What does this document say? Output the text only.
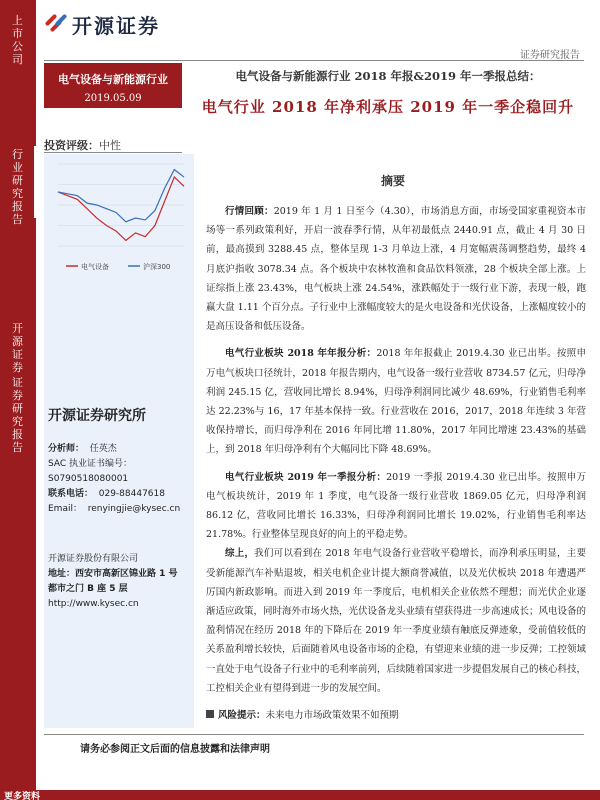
上
市
公
司
行
业
研
究
报
告
开
源
证
券
证
券
研
究
报
告
开源证券
证券研究报告
电气设备与新能源行业
2019.05.09
电气设备与新能源行业 2018 年报&2019 年一季报总结：
电气行业 2018 年净利承压 2019 年一季企稳回升
投资评级：中性
电气设备	沪深300
开源证券研究所
分析师： 任英杰
SAC 执业证书编号：
S0790518080001
联系电话： 029-88447618
Email： renyingjie@kysec.cn
开源证券股份有限公司
地址：西安市高新区锦业路 1 号
都市之门 B 座 5 层
http://www.kysec.cn
摘要

行情回顾：2019 年 1 月 1 日至今（4.30），市场消息方面，市场受国家重视资本市场等一系列政策利好，开启一波春季行情，从年初最低点 2440.91 点，截止 4 月 30 日前，最高摸到 3288.45 点，整体呈现 1-3 月单边上涨，4 月宽幅震荡调整趋势，最终 4 月底沪指收 3078.34 点。各个板块中农林牧渔和食品饮料领涨，28 个板块全部上涨。上证综指上涨 23.43%，电气板块上涨 24.54%，涨跌幅处于一级行业下游，表现一般，跑赢大盘 1.11 个百分点。子行业中上涨幅度较大的是火电设备和光伏设备，上涨幅度较小的是高压设备和低压设备。

电气行业板块 2018 年年报分析：2018 年年报截止 2019.4.30 业已出毕。按照申万电气板块口径统计，2018 年报告期内，电气设备一级行业营收 8734.57 亿元，归母净利润 245.15 亿，营收同比增长 8.94%，归母净利润同比减少 48.69%，行业销售毛利率达 22.23%与 16，17 年基本保持一致。行业营收在 2016，2017，2018 年连续 3 年营收保持增长，而归母净利在 2016 年同比增 11.80%，2017 年同比增速 23.43%的基础上，到 2018 年归母净利有个大幅同比下降 48.69%。

电气行业板块 2019 年一季报分析：2019 一季报 2019.4.30 业已出毕。按照申万电气板块统计，2019 年 1 季度，电气设备一级行业营收 1869.05 亿元，归母净利润 86.12 亿，营收同比增长 16.33%，归母净利润同比增长 19.02%，行业销售毛利率达 21.78%。行业整体呈现良好的向上的平稳走势。

综上，我们可以看到在 2018 年电气设备行业营收平稳增长，而净利承压明显，主要受新能源汽车补贴退坡，相关电机企业计提大额商誉减值，以及光伏板块 2018 年遭遇严厉国内新政影响。而进入到 2019 年一季度后，电机相关企业依然不理想；而光伏企业逐渐适应政策，同时海外市场火热，光伏设备龙头业绩有望获得进一步高速成长；风电设备的盈利情况在经历 2018 年的下降后在 2019 年一季度业绩有触底反弹迹象，受前值较低的关系盈利增长较快，后面随着风电设备市场的企稳，有望迎来业绩的进一步反弹；工控领域一直处于电气设备子行业中的毛利率前列，后续随着国家进一步提倡发展自己的核心科技，工控相关企业有望得到进一步的发展空间。

风险提示：未来电力市场政策效果不如预期
请务必参阅正文后面的信息披露和法律声明
更多资料
